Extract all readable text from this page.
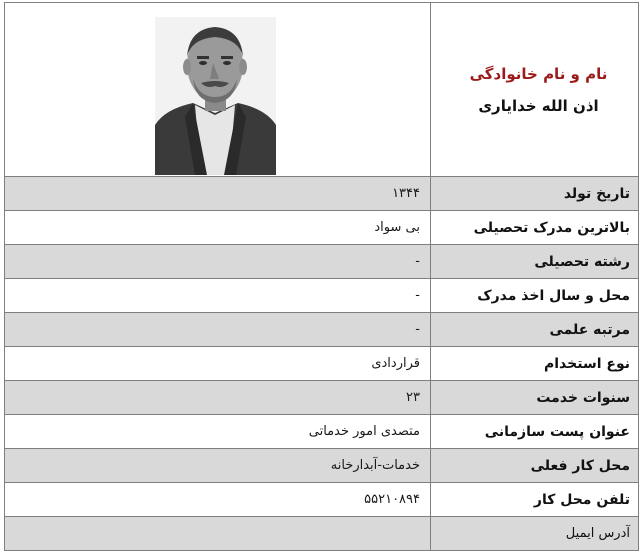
نام و نام خانوادگی
اذن الله خدایاری

تاریخ تولد	۱۳۴۴
بالاترین مدرک تحصیلی	بی سواد
رشته تحصیلی	-
محل و سال اخذ مدرک	-
مرتبه علمی	-
نوع استخدام	قراردادی
سنوات خدمت	۲۳
عنوان پست سازمانی	متصدی امور خدماتی
محل کار فعلی	خدمات-آبدارخانه
تلفن محل کار	۵۵۲۱۰۸۹۴
آدرس ایمیل	
